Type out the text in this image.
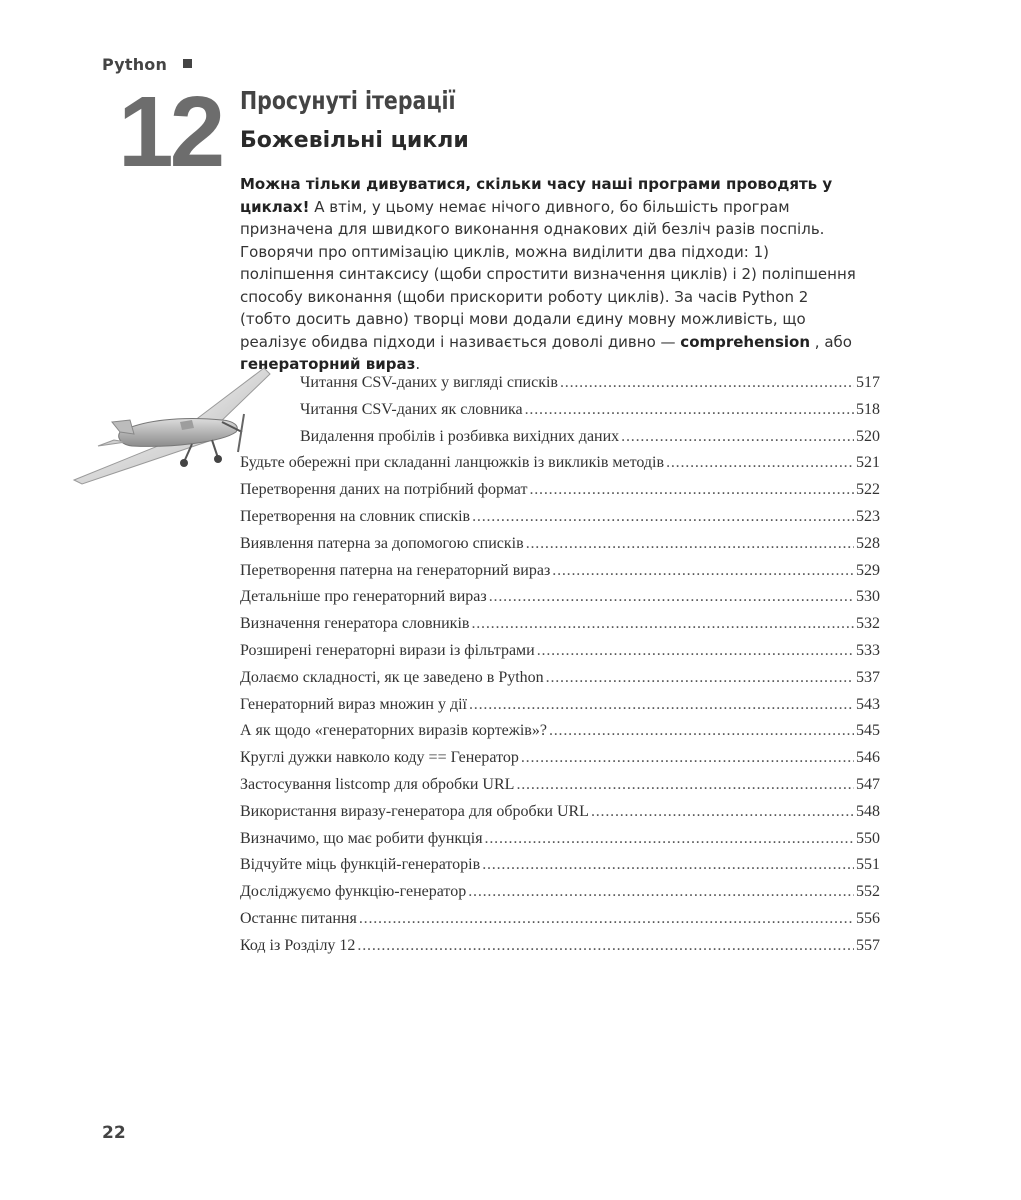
Python
12 Просунуті ітерації
Божевільні цикли
Можна тільки дивуватися, скільки часу наші програми проводять у циклах! А втім, у цьому немає нічого дивного, бо більшість програм призначена для швидкого виконання однакових дій безліч разів поспіль. Говорячи про оптимізацію циклів, можна виділити два підходи: 1) поліпшення синтаксису (щоби спростити визначення циклів) і 2) поліпшення способу виконання (щоби прискорити роботу циклів). За часів Python 2 (тобто досить давно) творці мови додали єдину мовну можливість, що реалізує обидва підходи і називається доволі дивно — comprehension , або генераторний вираз.
Читання CSV-даних у вигляді списків . . .	517
Читання CSV-даних як словника . . .	518
Видалення пробілів і розбивка вихідних даних . . .	520
Будьте обережні при складанні ланцюжків із викликів методів . . .	521
Перетворення даних на потрібний формат . . .	522
Перетворення на словник списків . . .	523
Виявлення патерна за допомогою списків . . .	528
Перетворення патерна на генераторний вираз . . .	529
Детальніше про генераторний вираз . . .	530
Визначення генератора словників . . .	532
Розширені генераторні вирази із фільтрами . . .	533
Долаємо складності, як це заведено в Python . . .	537
Генераторний вираз множин у дії . . .	543
А як щодо «генераторних виразів кортежів»? . . .	545
Круглі дужки навколо коду == Генератор . . .	546
Застосування listcomp для обробки URL . . .	547
Використання виразу-генератора для обробки URL . . .	548
Визначимо, що має робити функція . . .	550
Відчуйте міць функцій-генераторів . . .	551
Досліджуємо функцію-генератор . . .	552
Останнє питання . . .	556
Код із Розділу 12 . . .	557
22
